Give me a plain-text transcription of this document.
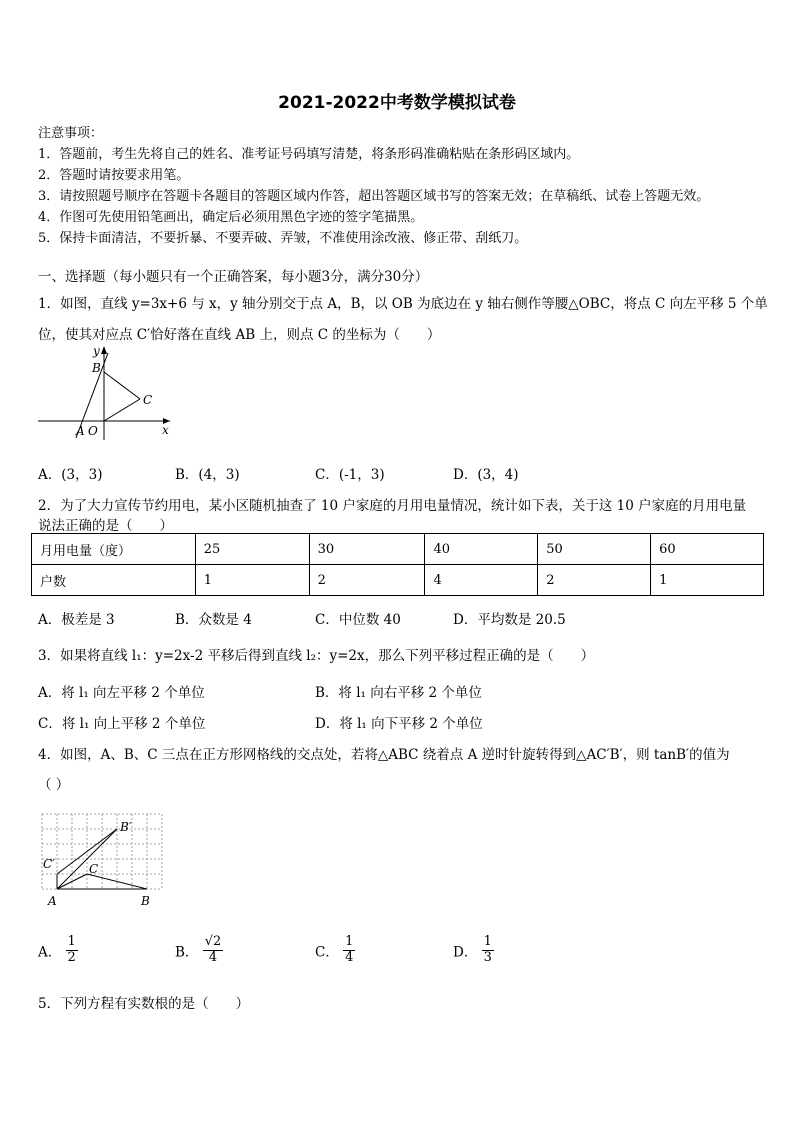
2021-2022中考数学模拟试卷
注意事项：
1．答题前，考生先将自己的姓名、准考证号码填写清楚，将条形码准确粘贴在条形码区域内。
2．答题时请按要求用笔。
3．请按照题号顺序在答题卡各题目的答题区域内作答，超出答题区域书写的答案无效；在草稿纸、试卷上答题无效。
4．作图可先使用铅笔画出，确定后必须用黑色字迹的签字笔描黑。
5．保持卡面清洁，不要折暴、不要弄破、弄皱，不准使用涂改液、修正带、刮纸刀。
一、选择题（每小题只有一个正确答案，每小题3分，满分30分）
1．如图，直线 y=3x+6 与 x，y 轴分别交于点 A，B，以 OB 为底边在 y 轴右侧作等腰△OBC，将点 C 向左平移 5 个单
位，使其对应点 C′恰好落在直线 AB 上，则点 C 的坐标为（　　）
y
B
C
A O	x
A．(3，3)	B．(4，3)	C．(-1，3)	D．(3，4)
2．为了大力宣传节约用电，某小区随机抽查了 10 户家庭的月用电量情况，统计如下表，关于这 10 户家庭的月用电量
说法正确的是（　　）
月用电量（度）	25	30	40	50	60
户数	1	2	4	2	1
A．极差是 3	B．众数是 4	C．中位数 40	D．平均数是 20.5
3．如果将直线 l₁：y=2x-2 平移后得到直线 l₂：y=2x，那么下列平移过程正确的是（　　）
A．将 l₁ 向左平移 2 个单位	B．将 l₁ 向右平移 2 个单位
C．将 l₁ 向上平移 2 个单位	D．将 l₁ 向下平移 2 个单位
4．如图，A、B、C 三点在正方形网格线的交点处，若将△ABC 绕着点 A 逆时针旋转得到△AC′B′，则 tanB′的值为
（ ）
B′
C′	C
A	B
A． $\frac{1}{2}$	B． $\frac{√2}{4}$	C． $\frac{1}{4}$	D． $\frac{1}{3}$
5．下列方程有实数根的是（　　）
